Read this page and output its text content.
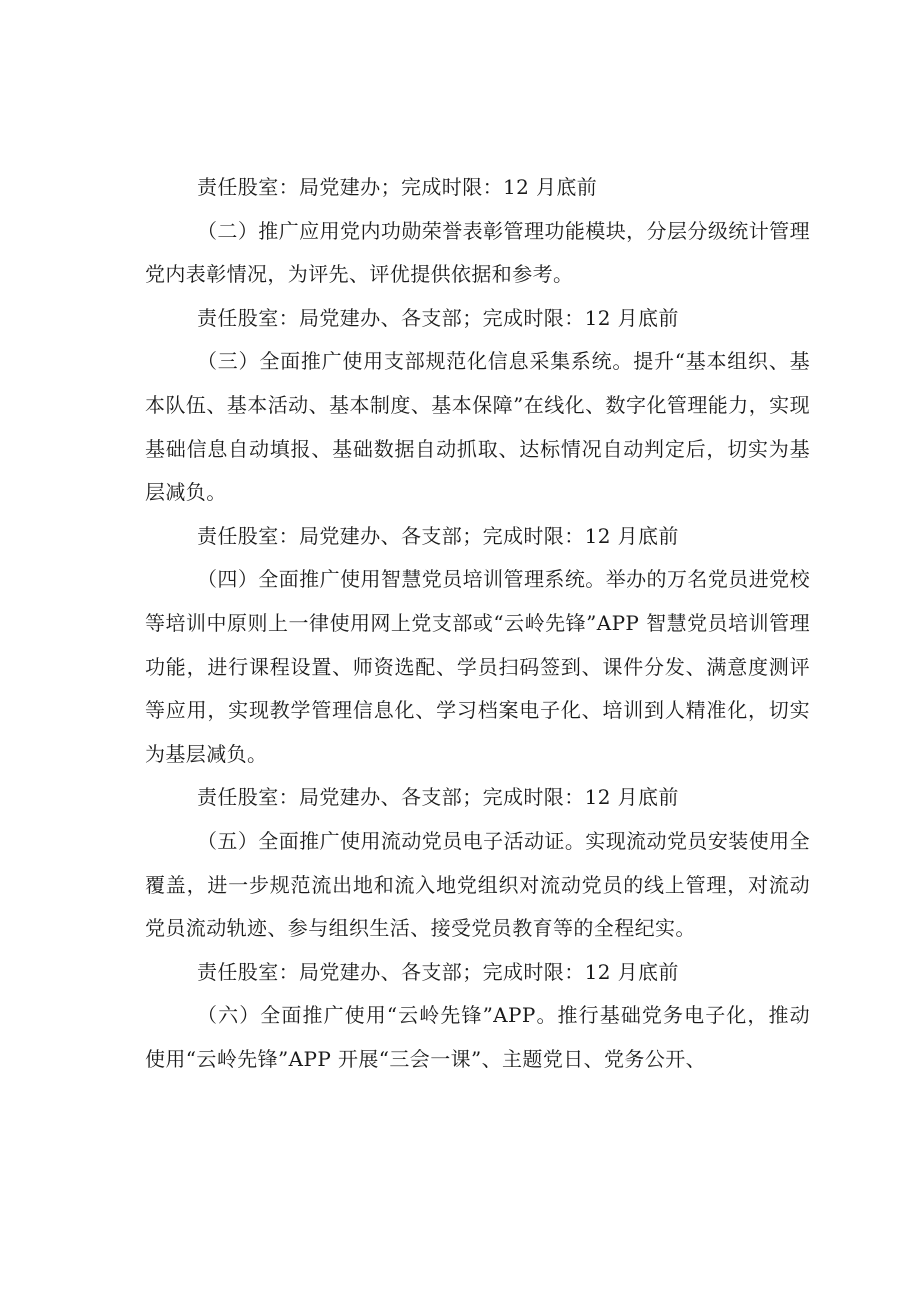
责任股室：局党建办；完成时限：12 月底前

（二）推广应用党内功勋荣誉表彰管理功能模块，分层分级统计管理党内表彰情况，为评先、评优提供依据和参考。

责任股室：局党建办、各支部；完成时限：12 月底前

（三）全面推广使用支部规范化信息采集系统。提升“基本组织、基本队伍、基本活动、基本制度、基本保障”在线化、数字化管理能力，实现基础信息自动填报、基础数据自动抓取、达标情况自动判定后，切实为基层减负。

责任股室：局党建办、各支部；完成时限：12 月底前

（四）全面推广使用智慧党员培训管理系统。举办的万名党员进党校等培训中原则上一律使用网上党支部或“云岭先锋”APP 智慧党员培训管理功能，进行课程设置、师资选配、学员扫码签到、课件分发、满意度测评等应用，实现教学管理信息化、学习档案电子化、培训到人精准化，切实为基层减负。

责任股室：局党建办、各支部；完成时限：12 月底前

（五）全面推广使用流动党员电子活动证。实现流动党员安装使用全覆盖，进一步规范流出地和流入地党组织对流动党员的线上管理，对流动党员流动轨迹、参与组织生活、接受党员教育等的全程纪实。

责任股室：局党建办、各支部；完成时限：12 月底前

（六）全面推广使用“云岭先锋”APP。推行基础党务电子化，推动使用“云岭先锋”APP 开展“三会一课”、主题党日、党务公开、
